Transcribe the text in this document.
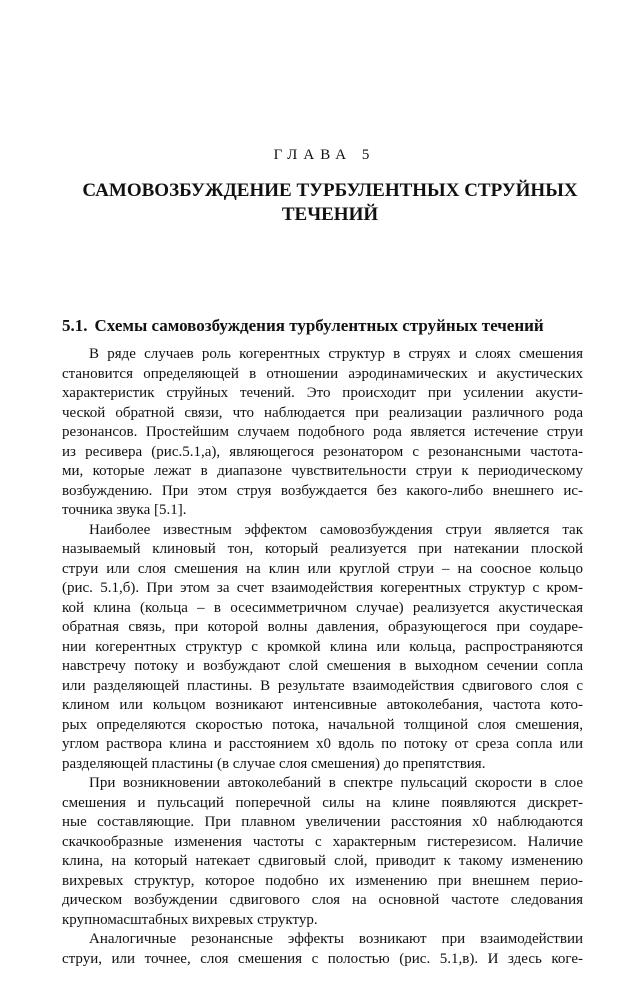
ГЛАВА 5
САМОВОЗБУЖДЕНИЕ ТУРБУЛЕНТНЫХ СТРУЙНЫХ
ТЕЧЕНИЙ
5.1. Схемы самовозбуждения турбулентных струйных течений
В ряде случаев роль когерентных структур в струях и слоях смешения
становится определяющей в отношении аэродинамических и акустических
характеристик струйных течений. Это происходит при усилении акусти-
ческой обратной связи, что наблюдается при реализации различного рода
резонансов. Простейшим случаем подобного рода является истечение струи
из ресивера (рис.5.1,а), являющегося резонатором с резонансными частота-
ми, которые лежат в диапазоне чувствительности струи к периодическому
возбуждению. При этом струя возбуждается без какого-либо внешнего ис-
точника звука [5.1].
Наиболее известным эффектом самовозбуждения струи является так
называемый клиновый тон, который реализуется при натекании плоской
струи или слоя смешения на клин или круглой струи – на соосное кольцо
(рис. 5.1,б). При этом за счет взаимодействия когерентных структур с кром-
кой клина (кольца – в осесимметричном случае) реализуется акустическая
обратная связь, при которой волны давления, образующегося при соударе-
нии когерентных структур с кромкой клина или кольца, распространяются
навстречу потоку и возбуждают слой смешения в выходном сечении сопла
или разделяющей пластины. В результате взаимодействия сдвигового слоя с
клином или кольцом возникают интенсивные автоколебания, частота кото-
рых определяются скоростью потока, начальной толщиной слоя смешения,
углом раствора клина и расстоянием x0 вдоль по потоку от среза сопла или
разделяющей пластины (в случае слоя смешения) до препятствия.
При возникновении автоколебаний в спектре пульсаций скорости в слое
смешения и пульсаций поперечной силы на клине появляются дискрет-
ные составляющие. При плавном увеличении расстояния x0 наблюдаются
скачкообразные изменения частоты с характерным гистерезисом. Наличие
клина, на который натекает сдвиговый слой, приводит к такому изменению
вихревых структур, которое подобно их изменению при внешнем перио-
дическом возбуждении сдвигового слоя на основной частоте следования
крупномасштабных вихревых структур.
Аналогичные резонансные эффекты возникают при взаимодействии
струи, или точнее, слоя смешения с полостью (рис. 5.1,в). И здесь коге-
